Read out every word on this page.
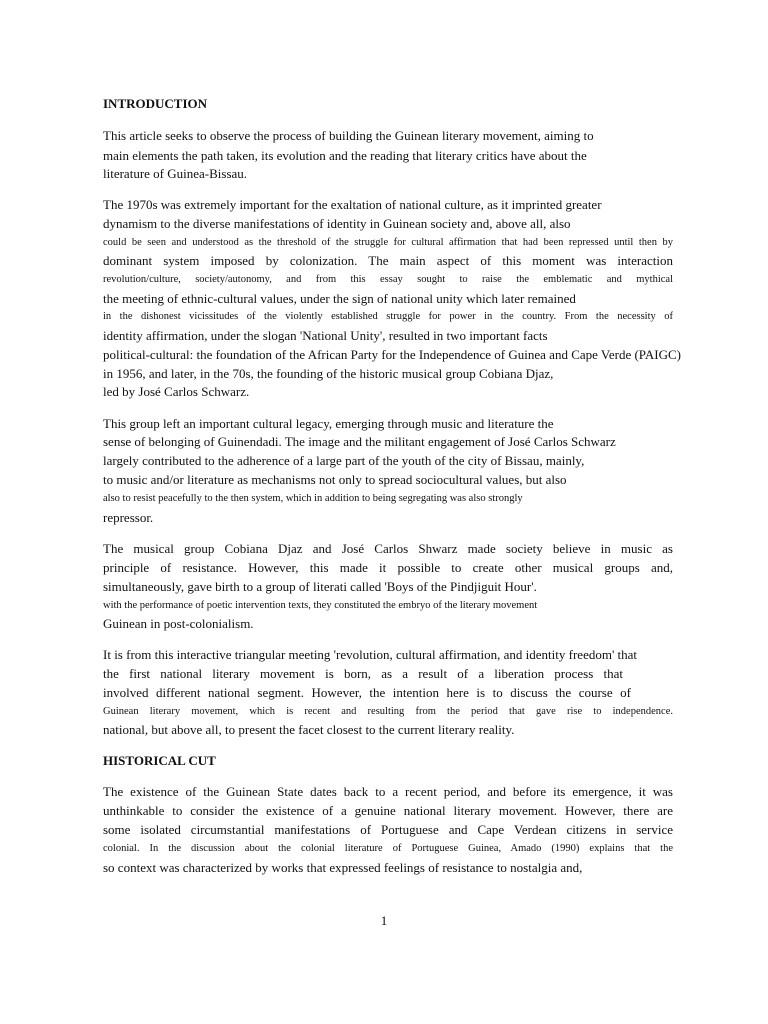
INTRODUCTION
This article seeks to observe the process of building the Guinean literary movement, aiming to
main elements the path taken, its evolution and the reading that literary critics have about the
literature of Guinea-Bissau.
The 1970s was extremely important for the exaltation of national culture, as it imprinted greater
dynamism to the diverse manifestations of identity in Guinean society and, above all, also
could be seen and understood as the threshold of the struggle for cultural affirmation that had been repressed until then by
dominant system imposed by colonization. The main aspect of this moment was interaction
revolution/culture, society/autonomy, and from this essay sought to raise the emblematic and mythical
the meeting of ethnic-cultural values, under the sign of national unity which later remained
in the dishonest vicissitudes of the violently established struggle for power in the country. From the necessity of
identity affirmation, under the slogan 'National Unity', resulted in two important facts
political-cultural: the foundation of the African Party for the Independence of Guinea and Cape Verde (PAIGC)
in 1956, and later, in the 70s, the founding of the historic musical group Cobiana Djaz,
led by José Carlos Schwarz.
This group left an important cultural legacy, emerging through music and literature the
sense of belonging of Guinendadi. The image and the militant engagement of José Carlos Schwarz
largely contributed to the adherence of a large part of the youth of the city of Bissau, mainly,
to music and/or literature as mechanisms not only to spread sociocultural values, but also
also to resist peacefully to the then system, which in addition to being segregating was also strongly
repressor.
The musical group Cobiana Djaz and José Carlos Shwarz made society believe in music as
principle of resistance. However, this made it possible to create other musical groups and,
simultaneously, gave birth to a group of literati called 'Boys of the Pindjiguit Hour'.
with the performance of poetic intervention texts, they constituted the embryo of the literary movement
Guinean in post-colonialism.
It is from this interactive triangular meeting 'revolution, cultural affirmation, and identity freedom' that
the first national literary movement is born, as a result of a liberation process that
involved different national segment. However, the intention here is to discuss the course of
Guinean literary movement, which is recent and resulting from the period that gave rise to independence.
national, but above all, to present the facet closest to the current literary reality.
HISTORICAL CUT
The existence of the Guinean State dates back to a recent period, and before its emergence, it was
unthinkable to consider the existence of a genuine national literary movement. However, there are
some isolated circumstantial manifestations of Portuguese and Cape Verdean citizens in service
colonial. In the discussion about the colonial literature of Portuguese Guinea, Amado (1990) explains that the
so context was characterized by works that expressed feelings of resistance to nostalgia and,
1
